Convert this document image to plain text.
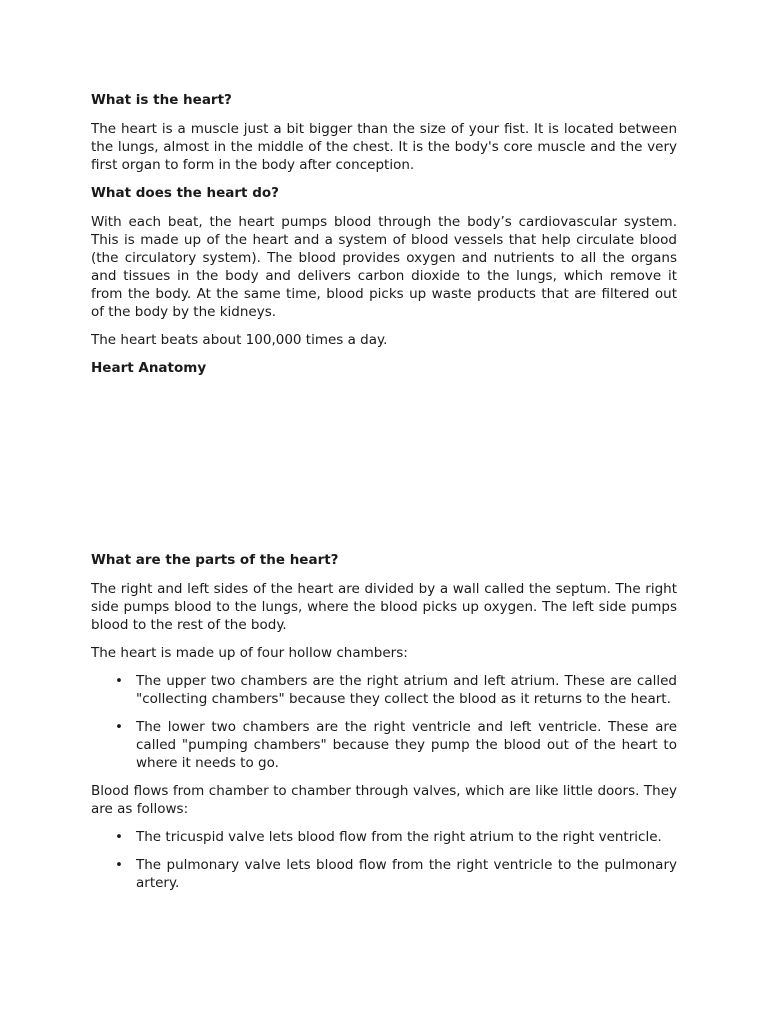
What is the heart?
The heart is a muscle just a bit bigger than the size of your fist. It is located between the lungs, almost in the middle of the chest. It is the body's core muscle and the very first organ to form in the body after conception.
What does the heart do?
With each beat, the heart pumps blood through the body’s cardiovascular system. This is made up of the heart and a system of blood vessels that help circulate blood (the circulatory system). The blood provides oxygen and nutrients to all the organs and tissues in the body and delivers carbon dioxide to the lungs, which remove it from the body. At the same time, blood picks up waste products that are filtered out of the body by the kidneys.
The heart beats about 100,000 times a day.
Heart Anatomy
What are the parts of the heart?
The right and left sides of the heart are divided by a wall called the septum. The right side pumps blood to the lungs, where the blood picks up oxygen. The left side pumps blood to the rest of the body.
The heart is made up of four hollow chambers:
• The upper two chambers are the right atrium and left atrium. These are called "collecting chambers" because they collect the blood as it returns to the heart.
• The lower two chambers are the right ventricle and left ventricle. These are called "pumping chambers" because they pump the blood out of the heart to where it needs to go.
Blood flows from chamber to chamber through valves, which are like little doors. They are as follows:
• The tricuspid valve lets blood flow from the right atrium to the right ventricle.
• The pulmonary valve lets blood flow from the right ventricle to the pulmonary artery.
